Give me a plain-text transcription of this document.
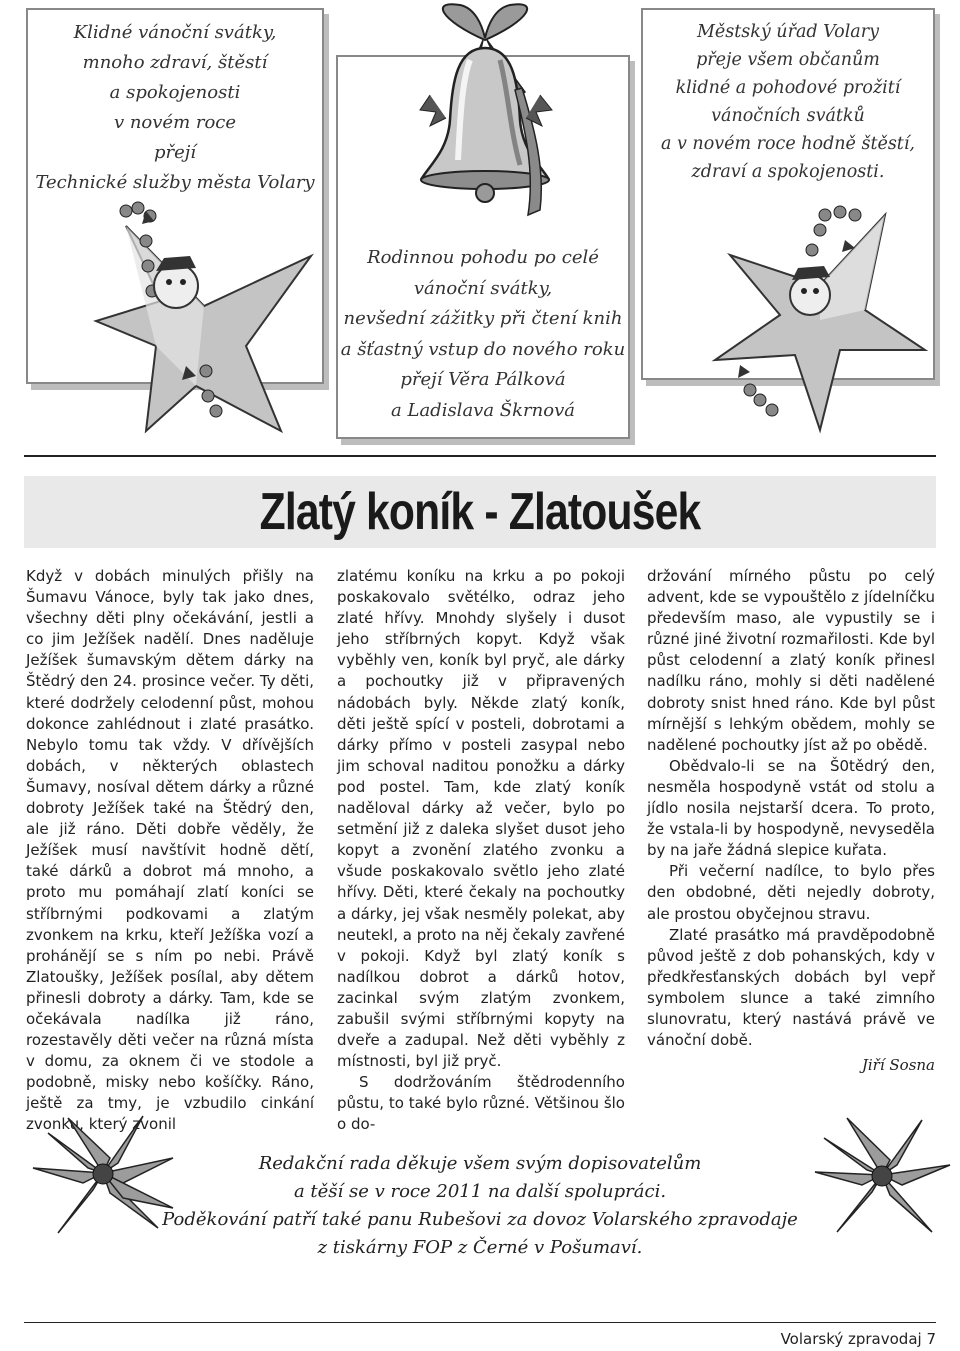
Klidné vánoční svátky,

mnoho zdraví, štěstí

a spokojenosti

v novém roce

přejí

Technické služby města Volary

Městský úřad Volary

přeje všem občanům

klidné a pohodové prožití

vánočních svátků

a v novém roce hodně štěstí,

zdraví a spokojenosti.

Rodinnou pohodu po celé

vánoční svátky,

nevšední zážitky při čtení knih

a šťastný vstup do nového roku

přejí Věra Pálková

a Ladislava Škrnová

Zlatý koník - Zlatoušek

Když v dobách minulých přišly na Šumavu Vánoce, byly tak jako dnes, všechny děti plny očekávání, jestli a co jim Ježíšek nadělí. Dnes naděluje Ježíšek šumavským dětem dárky na Štědrý den 24. prosince večer. Ty děti, které dodržely celodenní půst, mohou dokonce zahlédnout i zlaté prasátko. Nebylo tomu tak vždy. V dřívějších dobách, v některých oblastech Šumavy, nosíval dětem dárky a různé dobroty Ježíšek také na Štědrý den, ale již ráno. Děti dobře věděly, že Ježíšek musí navštívit hodně dětí, také dárků a dobrot má mnoho, a proto mu pomáhají zlatí koníci se stříbrnými podkovami a zlatým zvonkem na krku, kteří Ježíška vozí a prohánějí se s ním po nebi. Právě Zlatoušky, Ježíšek posílal, aby dětem přinesli dobroty a dárky. Tam, kde se očekávala nadílka již ráno, rozestavěly děti večer na různá místa v domu, za oknem či ve stodole a podobně, misky nebo košíčky. Ráno, ještě za tmy, je vzbudilo cinkání zvonku, který zvonil

zlatému koníku na krku a po pokoji poskakovalo světélko, odraz jeho zlaté hřívy. Mnohdy slyšely i dusot jeho stříbrných kopyt. Když však vyběhly ven, koník byl pryč, ale dárky a pochoutky již v připravených nádobách byly. Někde zlatý koník, děti ještě spící v posteli, dobrotami a dárky přímo v posteli zasypal nebo jim schoval naditou ponožku a dárky pod postel. Tam, kde zlatý koník naděloval dárky až večer, bylo po setmění již z daleka slyšet dusot jeho kopyt a zvonění zlatého zvonku a všude poskakovalo světlo jeho zlaté hřívy. Děti, které čekaly na pochoutky a dárky, jej však nesměly polekat, aby neutekl, a proto na něj čekaly zavřené v pokoji. Když byl zlatý koník s nadílkou dobrot a dárků hotov, zacinkal svým zlatým zvonkem, zabušil svými stříbrnými kopyty na dveře a zadupal. Než děti vyběhly z místnosti, byl již pryč.

S dodržováním štědrodenního půstu, to také bylo různé. Většinou šlo o do-

držování mírného půstu po celý advent, kde se vypouštělo z jídelníčku především maso, ale vypustily se i různé jiné životní rozmařilosti. Kde byl půst celodenní a zlatý koník přinesl nadílku ráno, mohly si děti nadělené dobroty snist hned ráno. Kde byl půst mírnější s lehkým obědem, mohly se nadělené pochoutky jíst až po obědě.

Obědvalo-li se na Š0tědrý den, nesměla hospodyně vstát od stolu a jídlo nosila nejstarší dcera. To proto, že vstala-li by hospodyně, nevyseděla by na jaře žádná slepice kuřata.

Při večerní nadílce, to bylo přes den obdobné, děti nejedly dobroty, ale prostou obyčejnou stravu.

Zlaté prasátko má pravděpodobně původ ještě z dob pohanských, kdy v předkřesťanských dobách byl vepř symbolem slunce a také zimního slunovratu, který nastává právě ve vánoční době.

Jiří Sosna

Redakční rada děkuje všem svým dopisovatelům

a těší se v roce 2011 na další spolupráci.

Poděkování patří také panu Rubešovi za dovoz Volarského zpravodaje

z tiskárny FOP z Černé v Pošumaví.

Volarský zpravodaj 7
